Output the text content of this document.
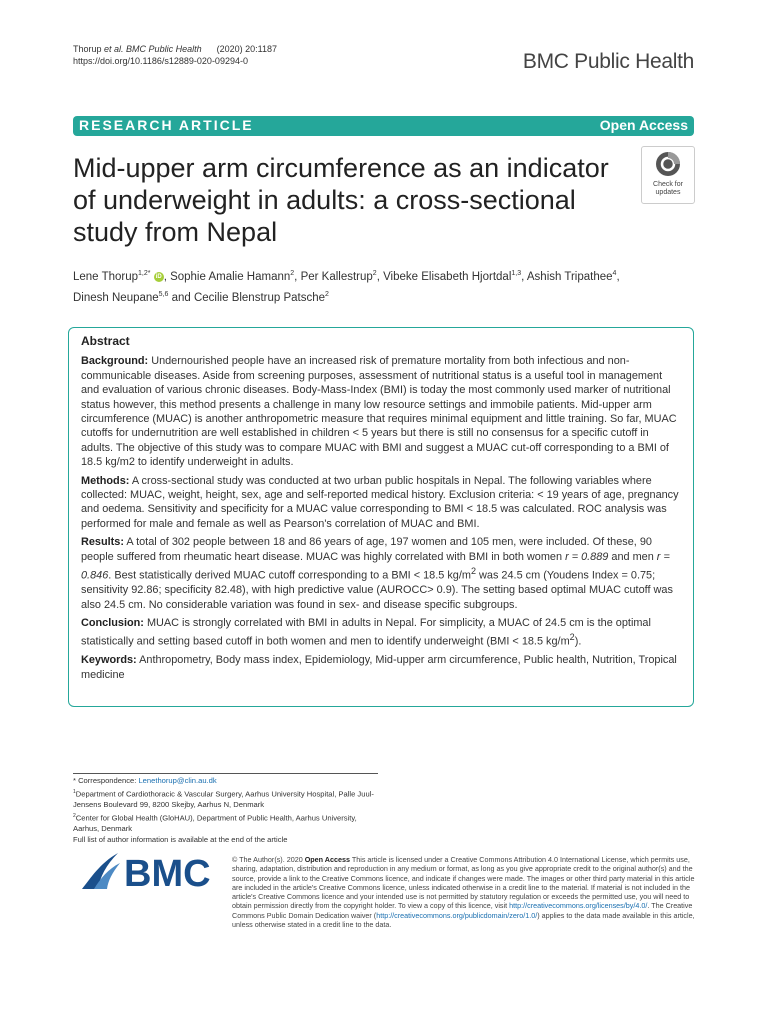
Thorup et al. BMC Public Health (2020) 20:1187
https://doi.org/10.1186/s12889-020-09294-0	BMC Public Health
RESEARCH ARTICLE	Open Access
Check for
updates
Mid-upper arm circumference as an indicator of underweight in adults: a cross-sectional study from Nepal
Lene Thorup$^{1,2*}$ iD , Sophie Amalie Hamann$^2$, Per Kallestrup$^2$, Vibeke Elisabeth Hjortdal$^{1,3}$, Ashish Tripathee$^4$,
Dinesh Neupane$^{5,6}$ and Cecilie Blenstrup Patsche$^2$
Abstract

Background: Undernourished people have an increased risk of premature mortality from both infectious and non-communicable diseases. Aside from screening purposes, assessment of nutritional status is a useful tool in management and evaluation of various chronic diseases. Body-Mass-Index (BMI) is today the most commonly used marker of nutritional status however, this method presents a challenge in many low resource settings and immobile patients. Mid-upper arm circumference (MUAC) is another anthropometric measure that requires minimal equipment and little training. So far, MUAC cutoffs for undernutrition are well established in children < 5 years but there is still no consensus for a specific cutoff in adults. The objective of this study was to compare MUAC with BMI and suggest a MUAC cut-off corresponding to a BMI of 18.5 kg/m2 to identify underweight in adults.

Methods: A cross-sectional study was conducted at two urban public hospitals in Nepal. The following variables where collected: MUAC, weight, height, sex, age and self-reported medical history. Exclusion criteria: < 19 years of age, pregnancy and oedema. Sensitivity and specificity for a MUAC value corresponding to BMI < 18.5 was calculated. ROC analysis was performed for male and female as well as Pearson's correlation of MUAC and BMI.

Results: A total of 302 people between 18 and 86 years of age, 197 women and 105 men, were included. Of these, 90 people suffered from rheumatic heart disease. MUAC was highly correlated with BMI in both women r = 0.889 and men r = 0.846. Best statistically derived MUAC cutoff corresponding to a BMI < 18.5 $kg/m^2$ was 24.5 cm (Youdens Index = 0.75; sensitivity 92.86; specificity 82.48), with high predictive value (AUROCC> 0.9). The setting based optimal MUAC cutoff was also 24.5 cm. No considerable variation was found in sex- and disease specific subgroups.

Conclusion: MUAC is strongly correlated with BMI in adults in Nepal. For simplicity, a MUAC of 24.5 cm is the optimal statistically and setting based cutoff in both women and men to identify underweight (BMI < 18.5 $kg/m^2$).

Keywords: Anthropometry, Body mass index, Epidemiology, Mid-upper arm circumference, Public health, Nutrition, Tropical medicine

* Correspondence: Lenethorup@clin.au.dk
$^1$Department of Cardiothoracic & Vascular Surgery, Aarhus University Hospital, Palle Juul-Jensens Boulevard 99, 8200 Skejby, Aarhus N, Denmark
$^2$Center for Global Health (GloHAU), Department of Public Health, Aarhus University, Aarhus, Denmark
Full list of author information is available at the end of the article
BMC	© The Author(s). 2020 Open Access This article is licensed under a Creative Commons Attribution 4.0 International License, which permits use, sharing, adaptation, distribution and reproduction in any medium or format, as long as you give appropriate credit to the original author(s) and the source, provide a link to the Creative Commons licence, and indicate if changes were made. The images or other third party material in this article are included in the article's Creative Commons licence, unless indicated otherwise in a credit line to the material. If material is not included in the article's Creative Commons licence and your intended use is not permitted by statutory regulation or exceeds the permitted use, you will need to obtain permission directly from the copyright holder. To view a copy of this licence, visit http://creativecommons.org/licenses/by/4.0/. The Creative Commons Public Domain Dedication waiver (http://creativecommons.org/publicdomain/zero/1.0/) applies to the data made available in this article, unless otherwise stated in a credit line to the data.
